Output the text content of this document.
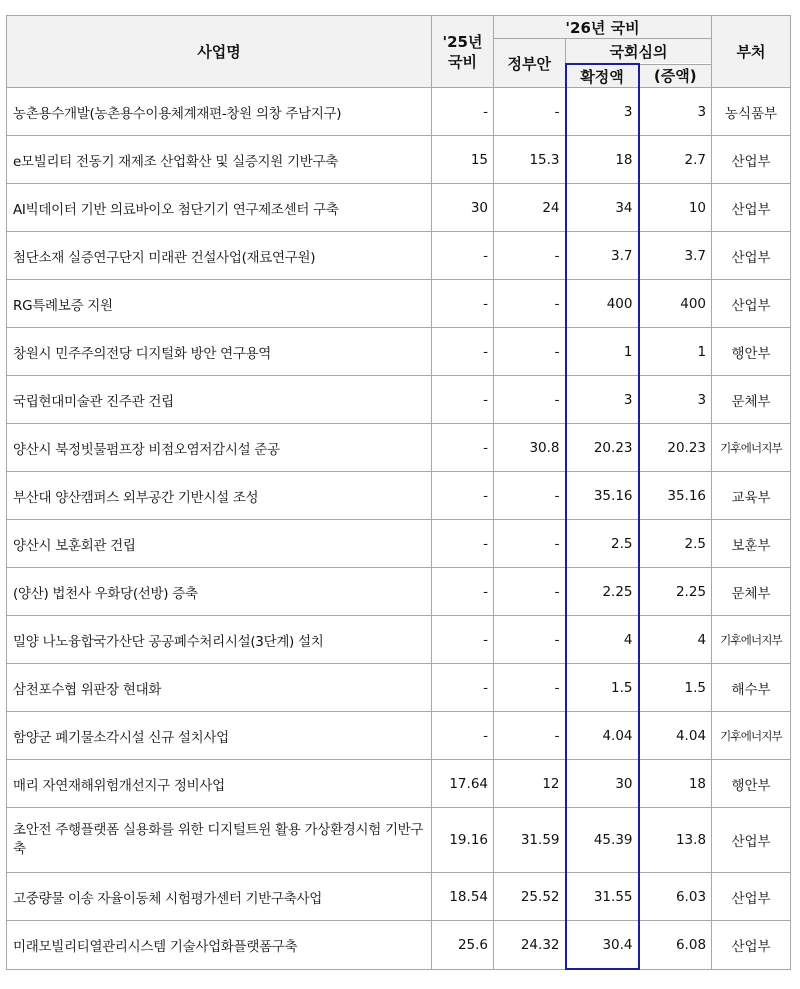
사업명	'25년
국비	'26년 국비			부처
		정부안	국회심의		
			확정액	(증액)	
농촌용수개발(농촌용수이용체계재편-창원 의창 주남지구)	-	-	3	3	농식품부
e모빌리티 전동기 재제조 산업확산 및 실증지원 기반구축	15	15.3	18	2.7	산업부
AI빅데이터 기반 의료바이오 첨단기기 연구제조센터 구축	30	24	34	10	산업부
첨단소재 실증연구단지 미래관 건설사업(재료연구원)	-	-	3.7	3.7	산업부
RG특례보증 지원	-	-	400	400	산업부
창원시 민주주의전당 디지털화 방안 연구용역	-	-	1	1	행안부
국립현대미술관 진주관 건립	-	-	3	3	문체부
양산시 북정빗물펌프장 비점오염저감시설 준공	-	30.8	20.23	20.23	기후에너지부
부산대 양산캠퍼스 외부공간 기반시설 조성	-	-	35.16	35.16	교육부
양산시 보훈회관 건립	-	-	2.5	2.5	보훈부
(양산) 법천사 우화당(선방) 증축	-	-	2.25	2.25	문체부
밀양 나노융합국가산단 공공폐수처리시설(3단계) 설치	-	-	4	4	기후에너지부
삼천포수협 위판장 현대화	-	-	1.5	1.5	해수부
함양군 폐기물소각시설 신규 설치사업	-	-	4.04	4.04	기후에너지부
매리 자연재해위험개선지구 정비사업	17.64	12	30	18	행안부

초안전 주행플랫폼 실용화를 위한 디지털트윈 활용 가상환경시험 기반구축	19.16	31.59	45.39	13.8	산업부
고중량물 이송 자율이동체 시험평가센터 기반구축사업	18.54	25.52	31.55	6.03	산업부
미래모빌리티열관리시스템 기술사업화플랫폼구축	25.6	24.32	30.4	6.08	산업부
